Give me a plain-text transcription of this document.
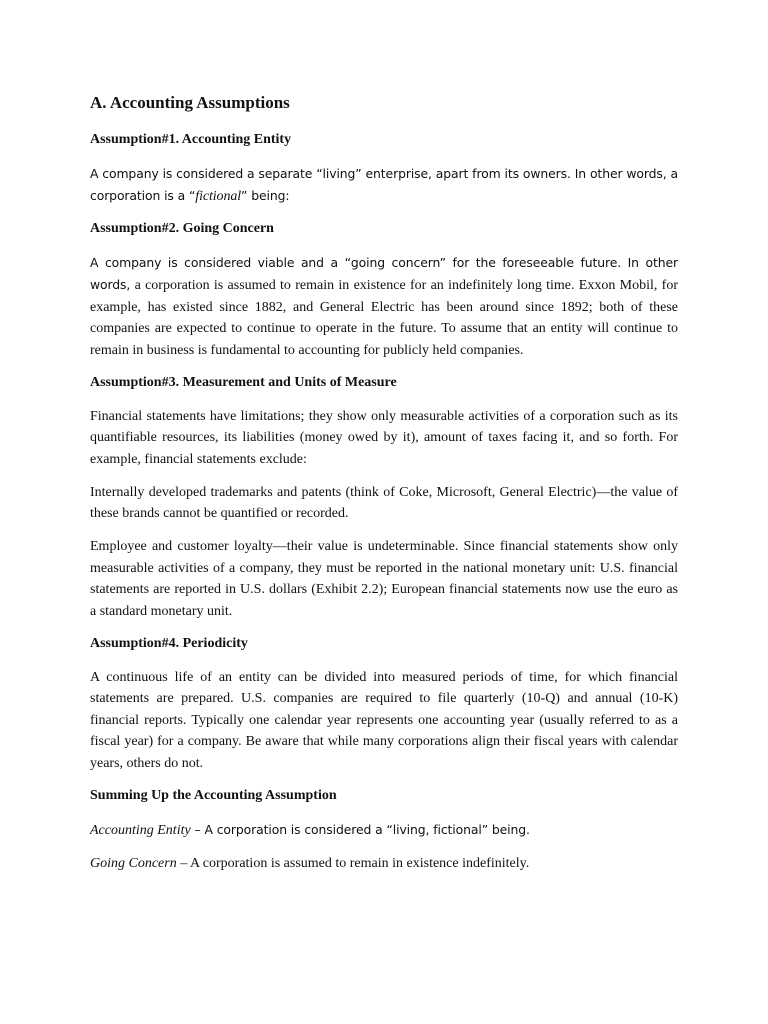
A. Accounting Assumptions
Assumption#1. Accounting Entity

A company is considered a separate “living” enterprise, apart from its owners. In other words, a corporation is a “fictional” being:

Assumption#2. Going Concern

A company is considered viable and a “going concern” for the foreseeable future. In other words, a corporation is assumed to remain in existence for an indefinitely long time. Exxon Mobil, for example, has existed since 1882, and General Electric has been around since 1892; both of these companies are expected to continue to operate in the future. To assume that an entity will continue to remain in business is fundamental to accounting for publicly held companies.

Assumption#3. Measurement and Units of Measure

Financial statements have limitations; they show only measurable activities of a corporation such as its quantifiable resources, its liabilities (money owed by it), amount of taxes facing it, and so forth. For example, financial statements exclude:

Internally developed trademarks and patents (think of Coke, Microsoft, General Electric)—the value of these brands cannot be quantified or recorded.

Employee and customer loyalty—their value is undeterminable. Since financial statements show only measurable activities of a company, they must be reported in the national monetary unit: U.S. financial statements are reported in U.S. dollars (Exhibit 2.2); European financial statements now use the euro as a standard monetary unit.

Assumption#4. Periodicity

A continuous life of an entity can be divided into measured periods of time, for which financial statements are prepared. U.S. companies are required to file quarterly (10-Q) and annual (10-K) financial reports. Typically one calendar year represents one accounting year (usually referred to as a fiscal year) for a company. Be aware that while many corporations align their fiscal years with calendar years, others do not.

Summing Up the Accounting Assumption

Accounting Entity – A corporation is considered a “living, fictional” being.

Going Concern – A corporation is assumed to remain in existence indefinitely.
